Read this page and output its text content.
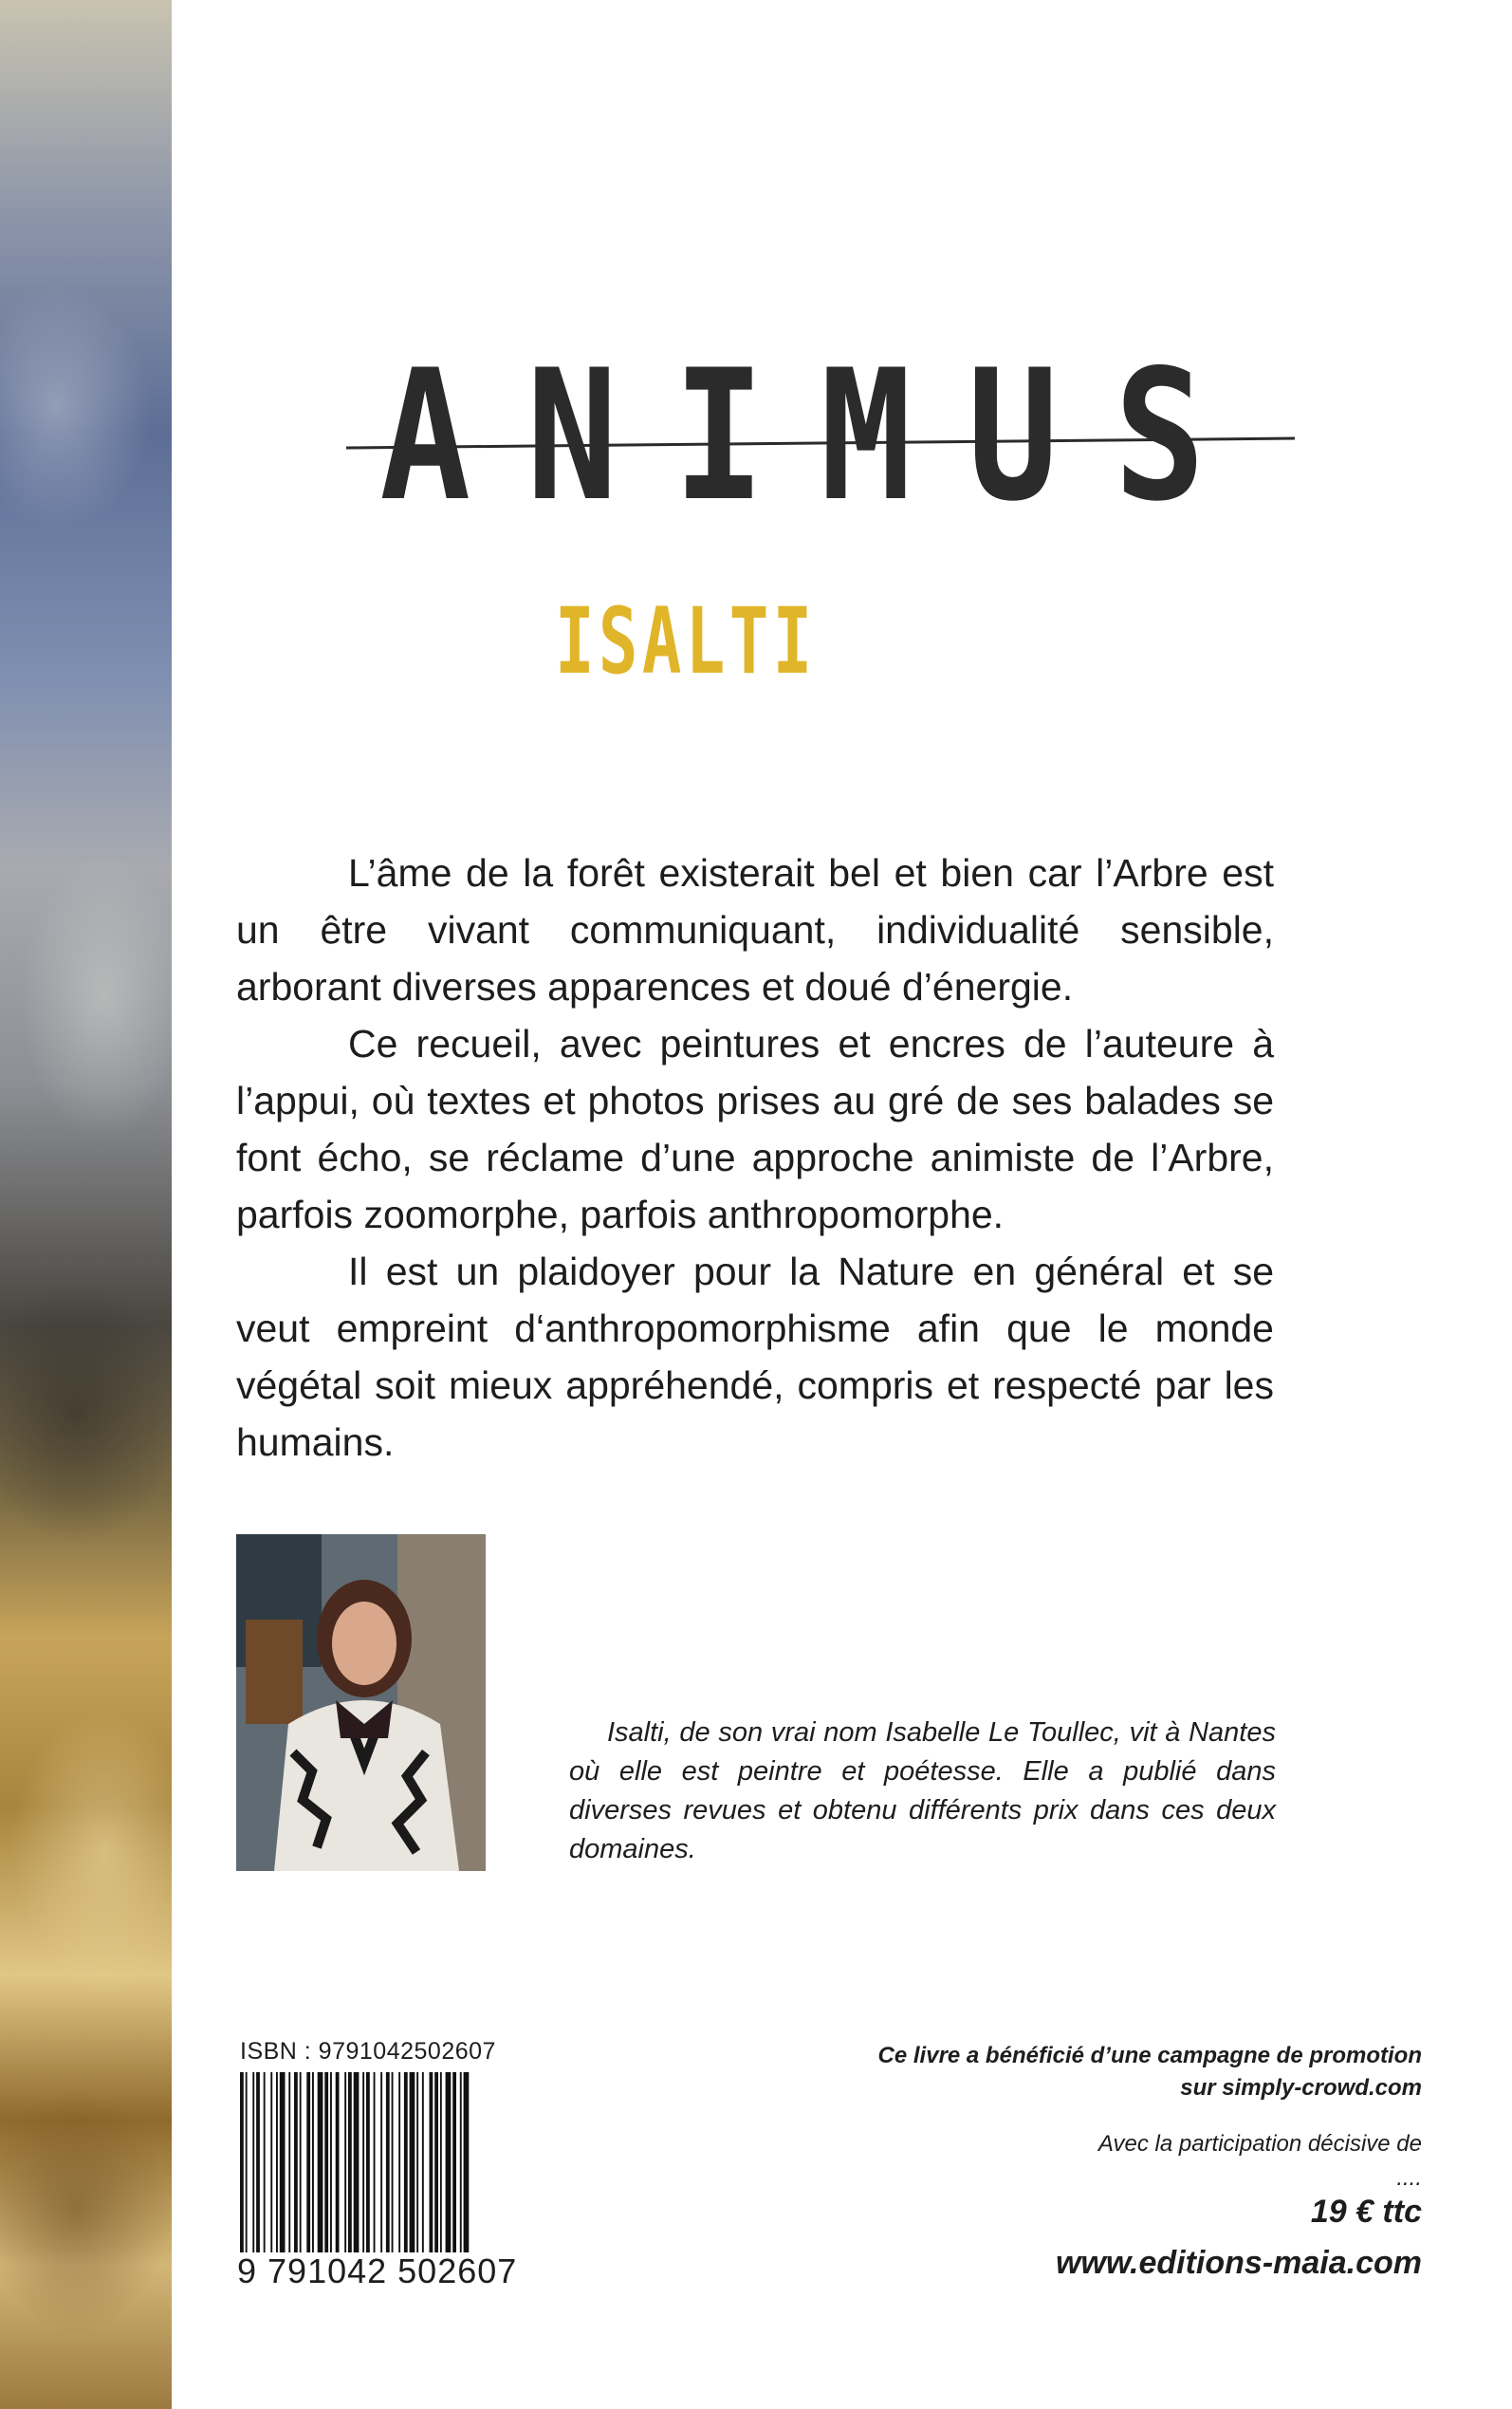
ANIMUS
ISALTI

L’âme de la forêt existerait bel et bien car l’Arbre est un être vivant communiquant, individualité sensible, arborant diverses apparences et doué d’énergie.

Ce recueil, avec peintures et encres de l’auteure à l’appui, où textes et photos prises au gré de ses balades se font écho, se réclame d’une approche animiste de l’Arbre, parfois zoomorphe, parfois anthropomorphe.

Il est un plaidoyer pour la Nature en général et se veut empreint d‘anthropomorphisme afin que le monde végétal soit mieux appréhendé, compris et respecté par les humains.

Isalti, de son vrai nom Isabelle Le Toullec, vit à Nantes où elle est peintre et poétesse. Elle a publié dans diverses revues et obtenu différents prix dans ces deux domaines.

ISBN : 9791042502607
9 791042 502607
Ce livre a bénéficié d’une campagne de promotion
sur simply-crowd.com
Avec la participation décisive de
....
19 € ttc
www.editions-maia.com
